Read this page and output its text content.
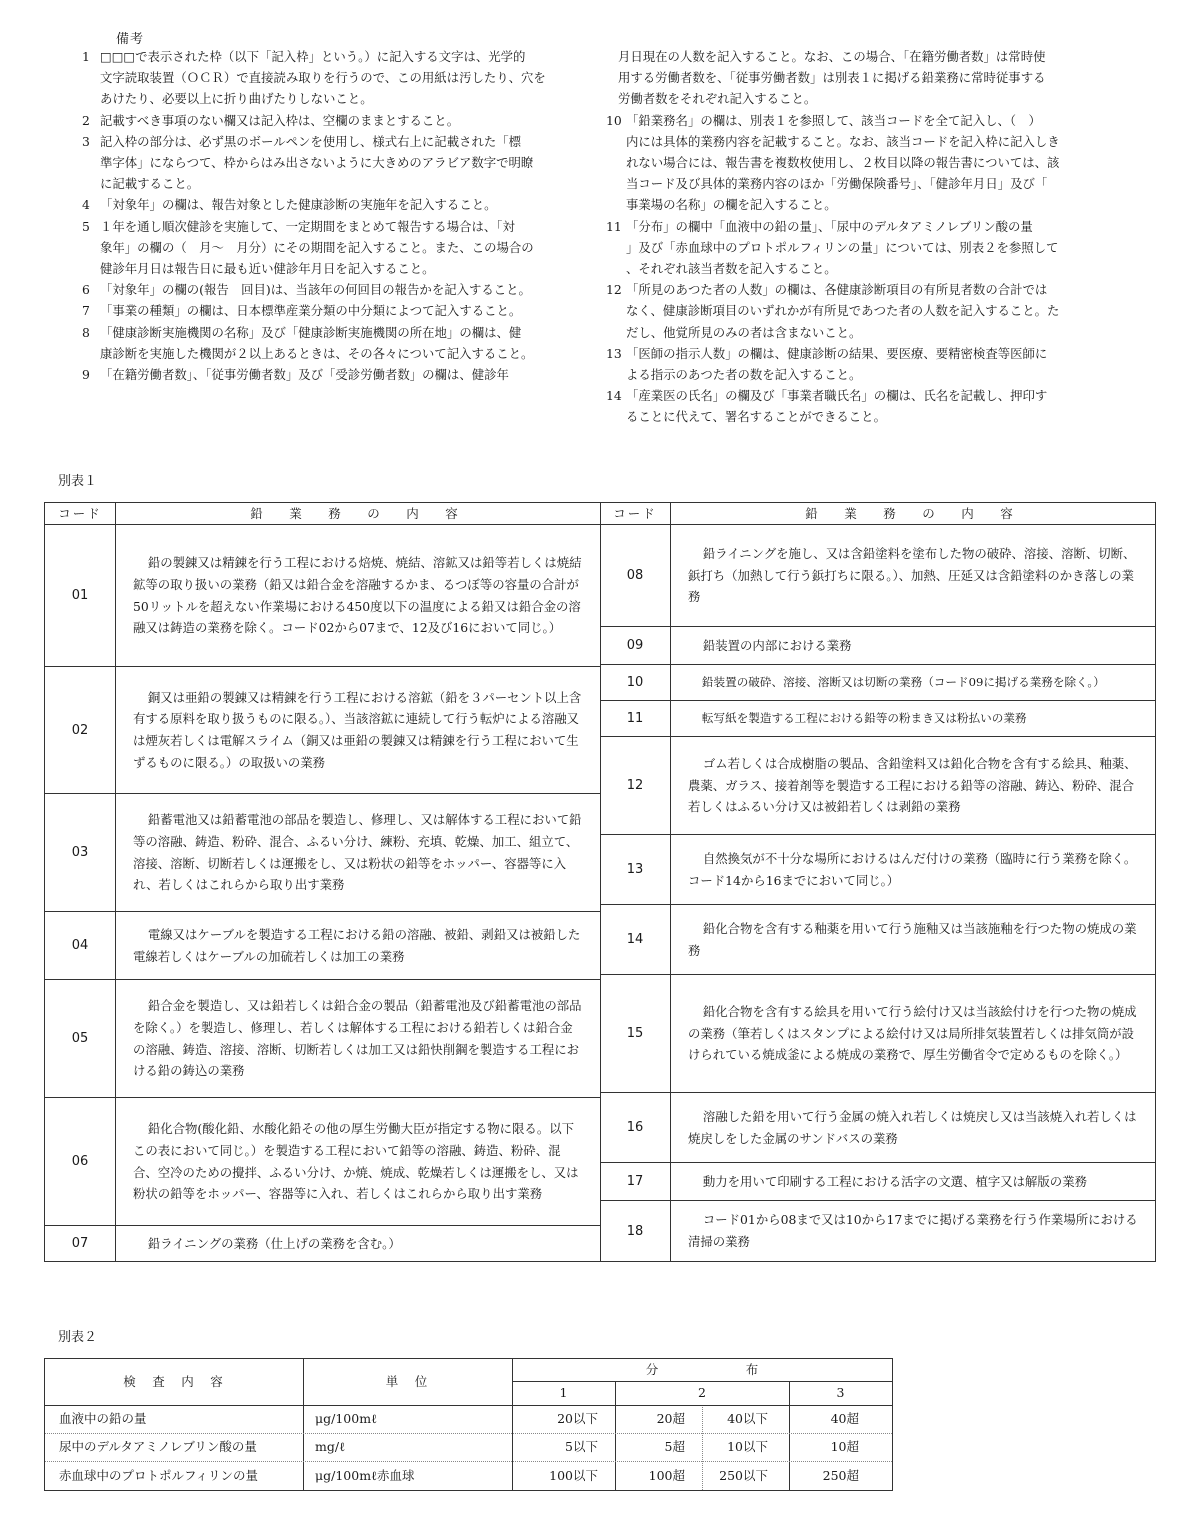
備考
1 □□□で表示された枠（以下「記入枠」という。）に記入する文字は、光学的
文字読取装置（ＯＣＲ）で直接読み取りを行うので、この用紙は汚したり、穴を
あけたり、必要以上に折り曲げたりしないこと。
2 記載すべき事項のない欄又は記入枠は、空欄のままとすること。
3 記入枠の部分は、必ず黒のボールペンを使用し、様式右上に記載された「標
準字体」にならつて、枠からはみ出さないように大きめのアラビア数字で明瞭
に記載すること。
4 「対象年」の欄は、報告対象とした健康診断の実施年を記入すること。
5 １年を通し順次健診を実施して、一定期間をまとめて報告する場合は、「対
象年」の欄の（　月～　月分）にその期間を記入すること。また、この場合の
健診年月日は報告日に最も近い健診年月日を記入すること。
6 「対象年」の欄の(報告　回目)は、当該年の何回目の報告かを記入すること。
7 「事業の種類」の欄は、日本標準産業分類の中分類によつて記入すること。
8 「健康診断実施機関の名称」及び「健康診断実施機関の所在地」の欄は、健
康診断を実施した機関が２以上あるときは、その各々について記入すること。
9 「在籍労働者数」、「従事労働者数」及び「受診労働者数」の欄は、健診年
月日現在の人数を記入すること。なお、この場合、「在籍労働者数」は常時使
用する労働者数を、「従事労働者数」は別表１に掲げる鉛業務に常時従事する
労働者数をそれぞれ記入すること。
10 「鉛業務名」の欄は、別表１を参照して、該当コードを全て記入し、（　）
内には具体的業務内容を記載すること。なお、該当コードを記入枠に記入しき
れない場合には、報告書を複数枚使用し、２枚目以降の報告書については、該
当コード及び具体的業務内容のほか「労働保険番号」、「健診年月日」及び「
事業場の名称」の欄を記入すること。
11 「分布」の欄中「血液中の鉛の量」、「尿中のデルタアミノレブリン酸の量
」及び「赤血球中のプロトポルフィリンの量」については、別表２を参照して
、それぞれ該当者数を記入すること。
12 「所見のあつた者の人数」の欄は、各健康診断項目の有所見者数の合計では
なく、健康診断項目のいずれかが有所見であつた者の人数を記入すること。た
だし、他覚所見のみの者は含まないこと。
13 「医師の指示人数」の欄は、健康診断の結果、要医療、要精密検査等医師に
よる指示のあつた者の数を記入すること。
14 「産業医の氏名」の欄及び「事業者職氏名」の欄は、氏名を記載し、押印す
ることに代えて、署名することができること。
別表１
コード	鉛　業　務　の　内　容	コード	鉛　業　務　の　内　容
01
鉛の製錬又は精錬を行う工程における焙焼、焼結、溶鉱又は鉛等若しくは焼結鉱等の取り扱いの業務（鉛又は鉛合金を溶融するかま、るつぼ等の容量の合計が50リットルを超えない作業場における450度以下の温度による鉛又は鉛合金の溶融又は鋳造の業務を除く。コード02から07まで、12及び16において同じ。）
02
銅又は亜鉛の製錬又は精錬を行う工程における溶鉱（鉛を３パーセント以上含有する原料を取り扱うものに限る。）、当該溶鉱に連続して行う転炉による溶融又は煙灰若しくは電解スライム（銅又は亜鉛の製錬又は精錬を行う工程において生ずるものに限る。）の取扱いの業務
03
鉛蓄電池又は鉛蓄電池の部品を製造し、修理し、又は解体する工程において鉛等の溶融、鋳造、粉砕、混合、ふるい分け、練粉、充填、乾燥、加工、組立て、溶接、溶断、切断若しくは運搬をし、又は粉状の鉛等をホッパー、容器等に入れ、若しくはこれらから取り出す業務
04
電線又はケーブルを製造する工程における鉛の溶融、被鉛、剥鉛又は被鉛した電線若しくはケーブルの加硫若しくは加工の業務
05
鉛合金を製造し、又は鉛若しくは鉛合金の製品（鉛蓄電池及び鉛蓄電池の部品を除く。）を製造し、修理し、若しくは解体する工程における鉛若しくは鉛合金の溶融、鋳造、溶接、溶断、切断若しくは加工又は鉛快削鋼を製造する工程における鉛の鋳込の業務
06
鉛化合物(酸化鉛、水酸化鉛その他の厚生労働大臣が指定する物に限る。以下この表において同じ。）を製造する工程において鉛等の溶融、鋳造、粉砕、混合、空冷のための攪拌、ふるい分け、か焼、焼成、乾燥若しくは運搬をし、又は粉状の鉛等をホッパー、容器等に入れ、若しくはこれらから取り出す業務
07	鉛ライニングの業務（仕上げの業務を含む。）
08
鉛ライニングを施し、又は含鉛塗料を塗布した物の破砕、溶接、溶断、切断、鋲打ち（加熱して行う鋲打ちに限る。）、加熱、圧延又は含鉛塗料のかき落しの業務
09	鉛装置の内部における業務
10	鉛装置の破砕、溶接、溶断又は切断の業務（コード09に掲げる業務を除く。）
11	転写紙を製造する工程における鉛等の粉まき又は粉払いの業務
12
ゴム若しくは合成樹脂の製品、含鉛塗料又は鉛化合物を含有する絵具、釉薬、農薬、ガラス、接着剤等を製造する工程における鉛等の溶融、鋳込、粉砕、混合若しくはふるい分け又は被鉛若しくは剥鉛の業務
13
自然換気が不十分な場所におけるはんだ付けの業務（臨時に行う業務を除く。コード14から16までにおいて同じ。）
14
鉛化合物を含有する釉薬を用いて行う施釉又は当該施釉を行つた物の焼成の業務
15
鉛化合物を含有する絵具を用いて行う絵付け又は当該絵付けを行つた物の焼成の業務（筆若しくはスタンプによる絵付け又は局所排気装置若しくは排気筒が設けられている焼成釜による焼成の業務で、厚生労働省令で定めるものを除く。）
16
溶融した鉛を用いて行う金属の焼入れ若しくは焼戻し又は当該焼入れ若しくは焼戻しをした金属のサンドバスの業務
17	動力を用いて印刷する工程における活字の文選、植字又は解版の業務
18
コード01から08まで又は10から17までに掲げる業務を行う作業場所における清掃の業務
別表２
検　査　内　容	単　位
分　　　　　　　布
1	2	3
血液中の鉛の量	μg/100mℓ	20以下	20超	40以下	40超
尿中のデルタアミノレブリン酸の量	mg/ℓ	5以下	5超	10以下	10超
赤血球中のプロトポルフィリンの量	μg/100mℓ赤血球	100以下	100超	250以下	250超
